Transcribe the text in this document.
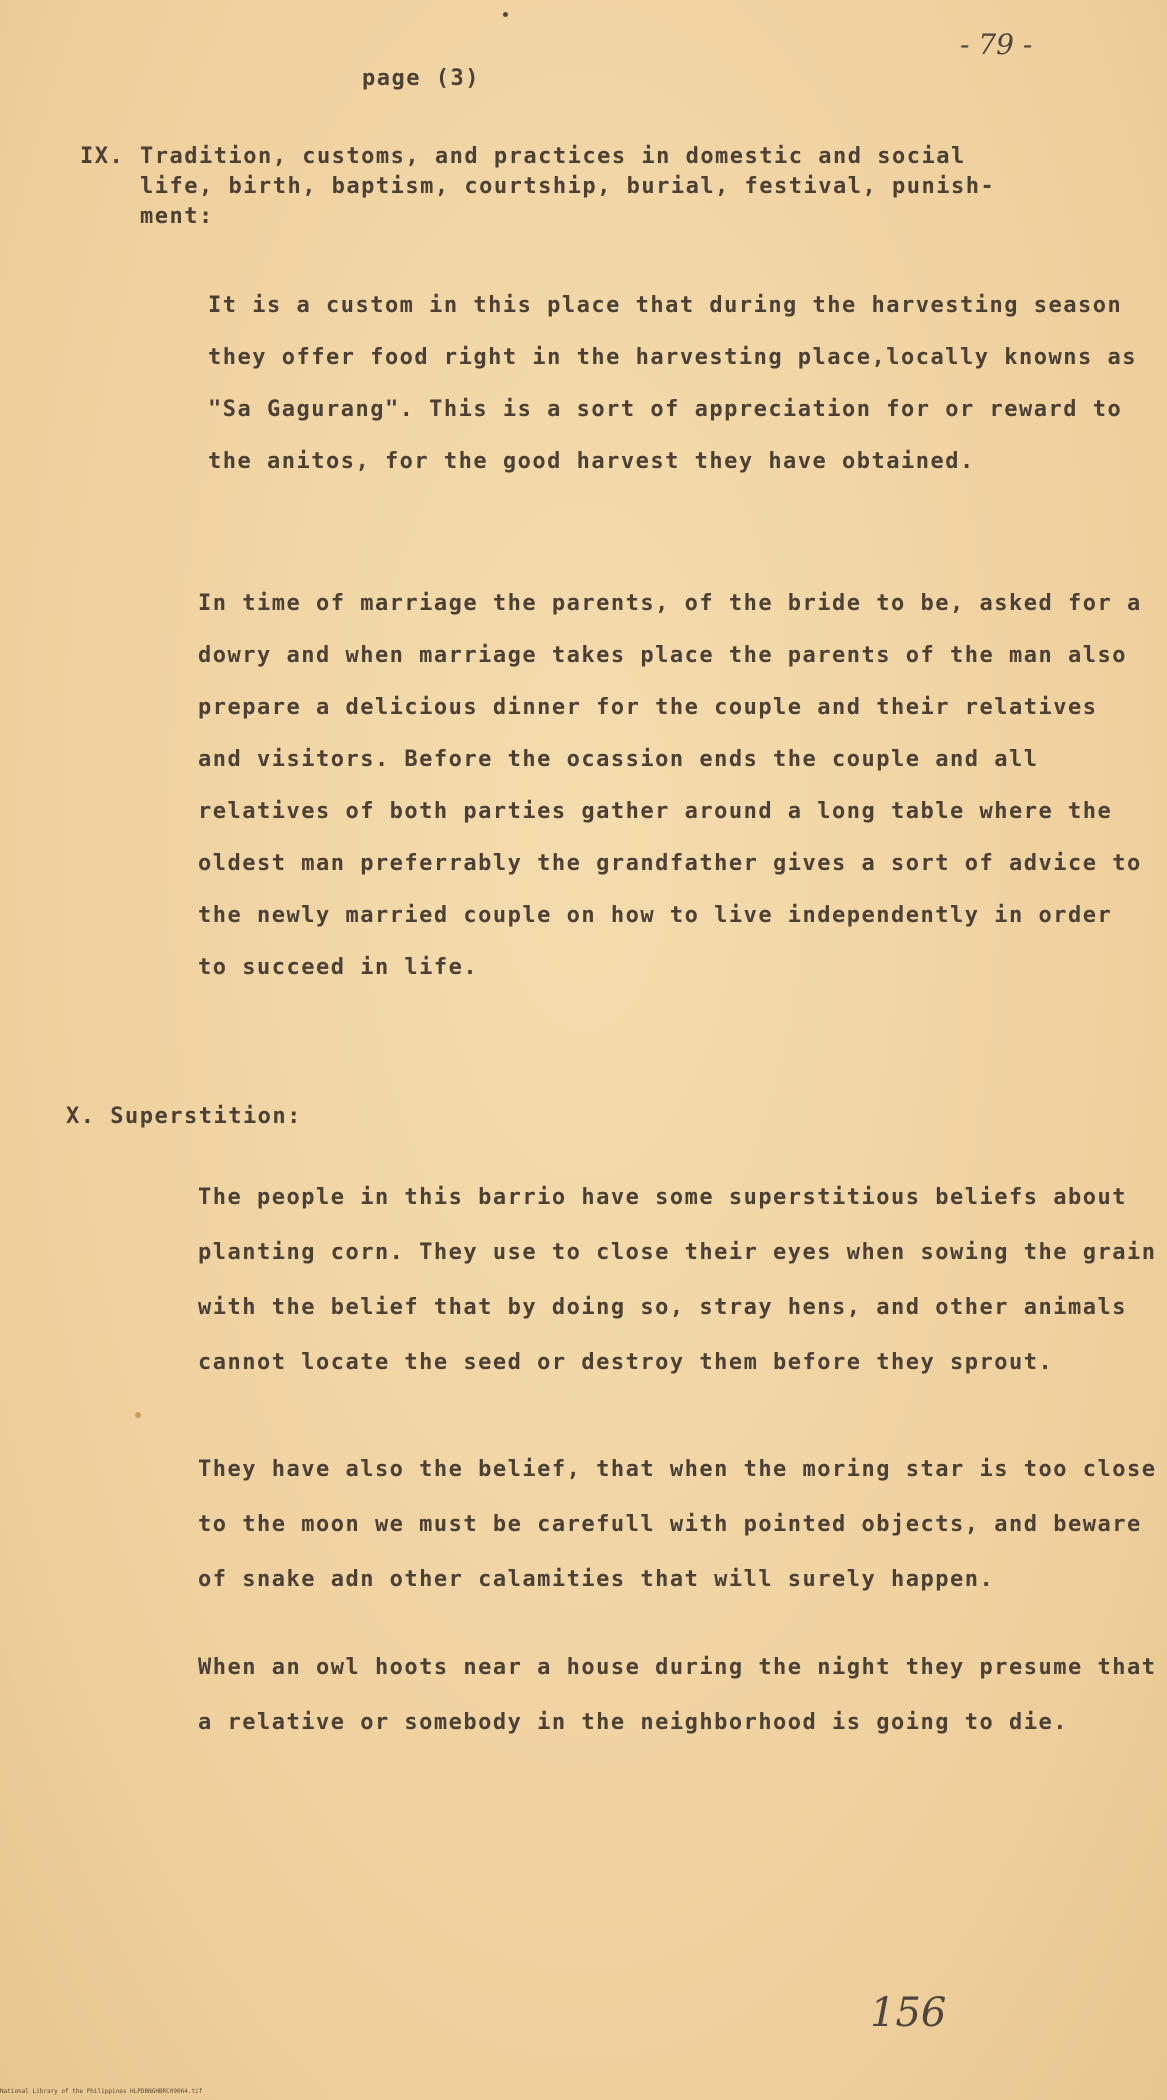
- 79 -
page (3)
IX. Tradition, customs, and practices in domestic and social
life, birth, baptism, courtship, burial, festival, punish-
ment:

It is a custom in this place that during the harvesting season they offer food right in the harvesting place,locally knowns as "Sa Gagurang". This is a sort of appreciation for or reward to the anitos, for the good harvest they have obtained.

In time of marriage the parents, of the bride to be, asked for a dowry and when marriage takes place the parents of the man also prepare a delicious dinner for the couple and their relatives and visitors. Before the ocassion ends the couple and all relatives of both parties gather around a long table where the oldest man preferrably the grandfather gives a sort of advice to the newly married couple on how to live independently in order to succeed in life.

X. Superstition:

The people in this barrio have some superstitious beliefs about planting corn. They use to close their eyes when sowing the grain with the belief that by doing so, stray hens, and other animals cannot locate the seed or destroy them before they sprout.

They have also the belief, that when the moring star is too close to the moon we must be carefull with pointed objects, and beware of snake adn other calamities that will surely happen.

When an owl hoots near a house during the night they presume that a relative or somebody in the neighborhood is going to die.

156
National Library of the Philippines HLPDBNGHBRC09064.tif
